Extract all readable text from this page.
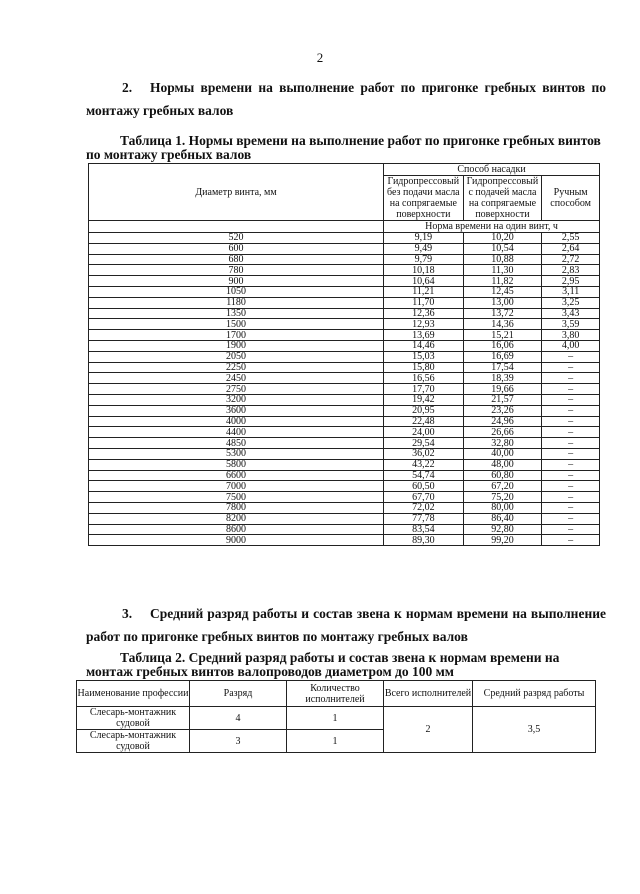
2
2. Нормы времени на выполнение работ по пригонке гребных винтов по монтажу гребных валов
Таблица 1. Нормы времени на выполнение работ по пригонке гребных винтов по монтажу гребных валов
Диаметр винта, мм	Способ насадки		
	Гидропрессовый без подачи масла на сопрягаемые поверхности	Гидропрессовый с подачей масла на сопрягаемые поверхности	Ручным способом
	Норма времени на один винт, ч		
520	9,19	10,20	2,55
600	9,49	10,54	2,64
680	9,79	10,88	2,72
780	10,18	11,30	2,83
900	10,64	11,82	2,95
1050	11,21	12,45	3,11
1180	11,70	13,00	3,25
1350	12,36	13,72	3,43
1500	12,93	14,36	3,59
1700	13,69	15,21	3,80
1900	14,46	16,06	4,00
2050	15,03	16,69	–
2250	15,80	17,54	–
2450	16,56	18,39	–
2750	17,70	19,66	–
3200	19,42	21,57	–
3600	20,95	23,26	–
4000	22,48	24,96	–
4400	24,00	26,66	–
4850	29,54	32,80	–
5300	36,02	40,00	–
5800	43,22	48,00	–
6600	54,74	60,80	–
7000	60,50	67,20	–
7500	67,70	75,20	–
7800	72,02	80,00	–
8200	77,78	86,40	–
8600	83,54	92,80	–
9000	89,30	99,20	–
3. Средний разряд работы и состав звена к нормам времени на выполнение работ по пригонке гребных винтов по монтажу гребных валов
Таблица 2. Средний разряд работы и состав звена к нормам времени на монтаж гребных винтов валопроводов диаметром до 100 мм
Наименование профессии	Разряд	Количество исполнителей	Всего исполнителей	Средний разряд работы
Слесарь-монтажник судовой	4	1	2	3,5
Слесарь-монтажник судовой	3	1		
